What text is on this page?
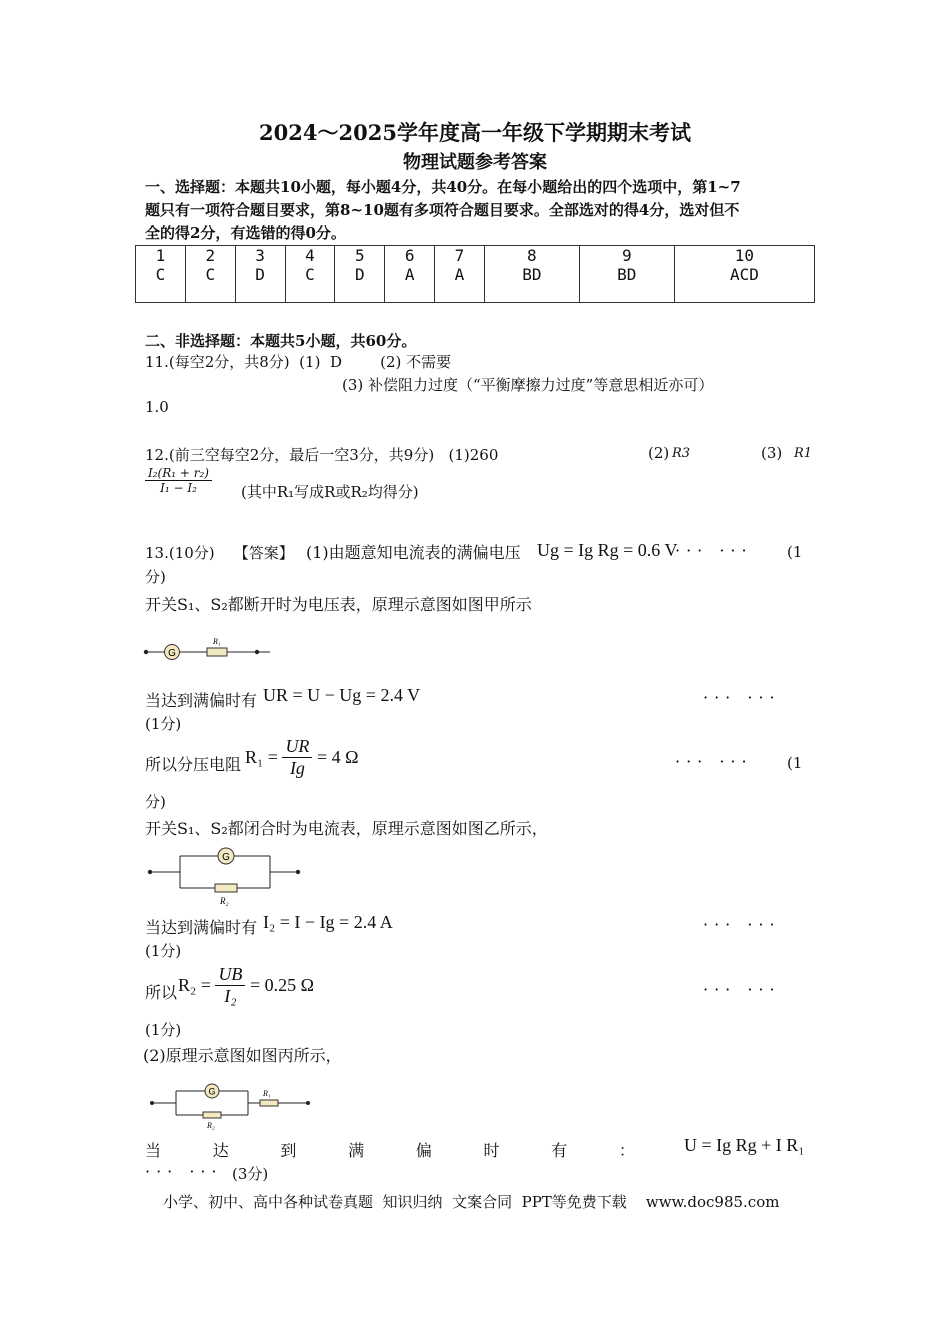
2024～2025学年度高一年级下学期期末考试
物理试题参考答案
一、选择题：本题共10小题，每小题4分，共40分。在每小题给出的四个选项中，第1~7
题只有一项符合题目要求，第8~10题有多项符合题目要求。全部选对的得4分，选对但不
全的得2分，有选错的得0分。
1	2	3	4	5	6	7	8	9	10
C	C	D	C	D	A	A	BD	BD	ACD
二、非选择题：本题共5小题，共60分。
11.(每空2分，共8分)  (1)  D        (2) 不需要
(3) 补偿阻力过度（“平衡摩擦力过度”等意思相近亦可）
1.0
12.(前三空每空2分，最后一空3分，共9分)   (1)260	(2) R3	(3) R1
$\frac{\text{I₂(R₁ + r₂)}}{\text{I₁ − I₂}}$ (其中R₁写成R或R₂均得分)
13.(10分)    【答案】 (1)由题意知电流表的满偏电压 Ug = Ig Rg = 0.6 V
··· ··· (1
分)
开关S₁、S₂都断开时为电压表，原理示意图如图甲所示
G
R₁
当达到满偏时有 UR = U − Ug = 2.4 V	··· ···
(1分)
所以分压电阻 $R_1 = \frac{UR}{Ig} = 4$ Ω	··· ··· (1
分)
开关S₁、S₂都闭合时为电流表，原理示意图如图乙所示，
G
R₂
当达到满偏时有 I₂ = I − Ig = 2.4 A	··· ···
(1分)
所以 $R_2 = \frac{UB}{\text{I₂}} = 0.25$ Ω	··· ···
(1分)
(2)原理示意图如图丙所示，
G
R₂
R₁
当	达	到	满	偏	时	有	：	U = Ig Rg + I R₁
··· ··· (3分)
小学、初中、高中各种试卷真题  知识归纳  文案合同  PPT等免费下载    www.doc985.com
